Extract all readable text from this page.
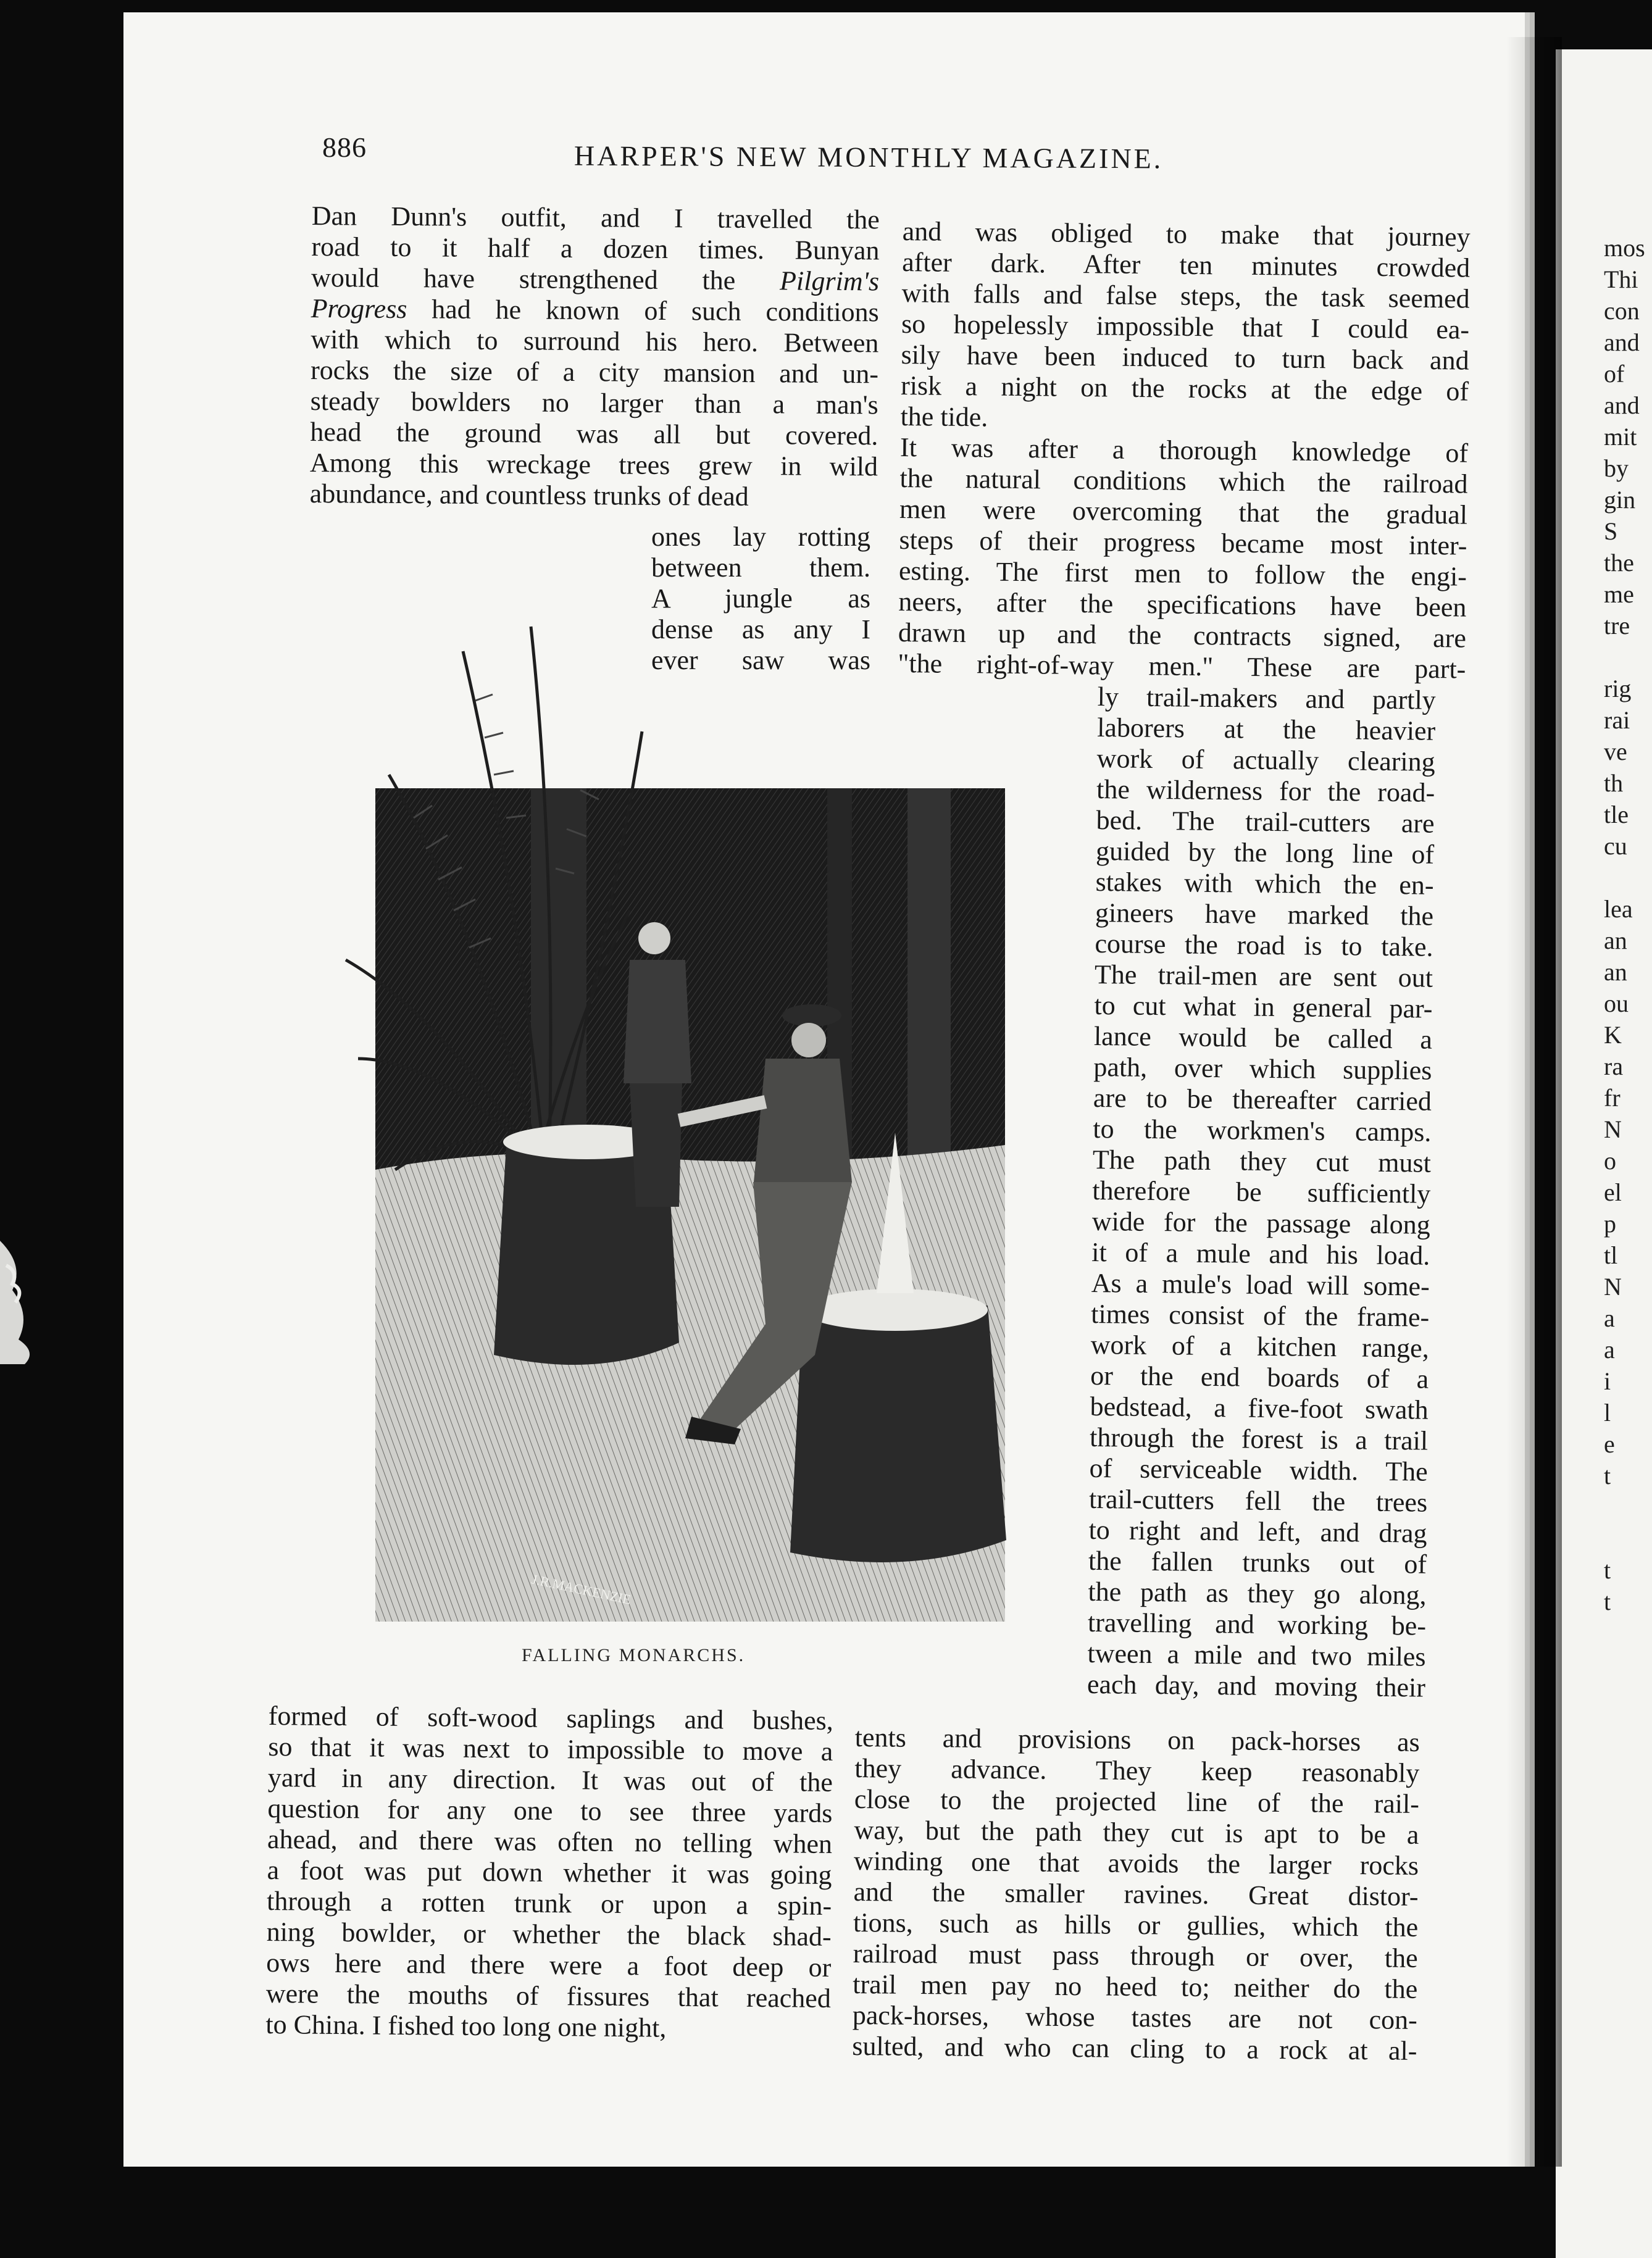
mos
Thi
con
and
of
and
mit
by
gin
S
the
me
tre

rig
rai
ve
th
tle
cu

lea
an
an
ou
K
ra
fr
N
o
el
p
tl
N
a
a
i
l
e
t

t
t
886	HARPER'S NEW MONTHLY MAGAZINE.
Dan Dunn's outfit, and I travelled the
road to it half a dozen times. Bunyan
would have strengthened the Pilgrim's
Progress had he known of such conditions
with which to surround his hero. Between
rocks the size of a city mansion and un-
steady bowlders no larger than a man's
head the ground was all but covered.
Among this wreckage trees grew in wild
abundance, and countless trunks of dead
ones lay rotting
between them.
A jungle as
dense as any I
ever saw was
and was obliged to make that journey
after dark. After ten minutes crowded
with falls and false steps, the task seemed
so hopelessly impossible that I could ea-
sily have been induced to turn back and
risk a night on the rocks at the edge of
the tide.
It was after a thorough knowledge of
the natural conditions which the railroad
men were overcoming that the gradual
steps of their progress became most inter-
esting. The first men to follow the engi-
neers, after the specifications have been
drawn up and the contracts signed, are
"the right-of-way men." These are part-
ly trail-makers and partly
laborers at the heavier
work of actually clearing
the wilderness for the road-
bed. The trail-cutters are
guided by the long line of
stakes with which the en-
gineers have marked the
course the road is to take.
The trail-men are sent out
to cut what in general par-
lance would be called a
path, over which supplies
are to be thereafter carried
to the workmen's camps.
The path they cut must
therefore be sufficiently
wide for the passage along
it of a mule and his load.
As a mule's load will some-
times consist of the frame-
work of a kitchen range,
or the end boards of a
bedstead, a five-foot swath
through the forest is a trail
of serviceable width. The
trail-cutters fell the trees
to right and left, and drag
the fallen trunks out of
the path as they go along,
travelling and working be-
tween a mile and two miles
each day, and moving their
J.R.MACKENZIE
FALLING MONARCHS.
formed of soft-wood saplings and bushes,
so that it was next to impossible to move a
yard in any direction. It was out of the
question for any one to see three yards
ahead, and there was often no telling when
a foot was put down whether it was going
through a rotten trunk or upon a spin-
ning bowlder, or whether the black shad-
ows here and there were a foot deep or
were the mouths of fissures that reached
to China. I fished too long one night,
tents and provisions on pack-horses as
they advance. They keep reasonably
close to the projected line of the rail-
way, but the path they cut is apt to be a
winding one that avoids the larger rocks
and the smaller ravines. Great distor-
tions, such as hills or gullies, which the
railroad must pass through or over, the
trail men pay no heed to; neither do the
pack-horses, whose tastes are not con-
sulted, and who can cling to a rock at al-
